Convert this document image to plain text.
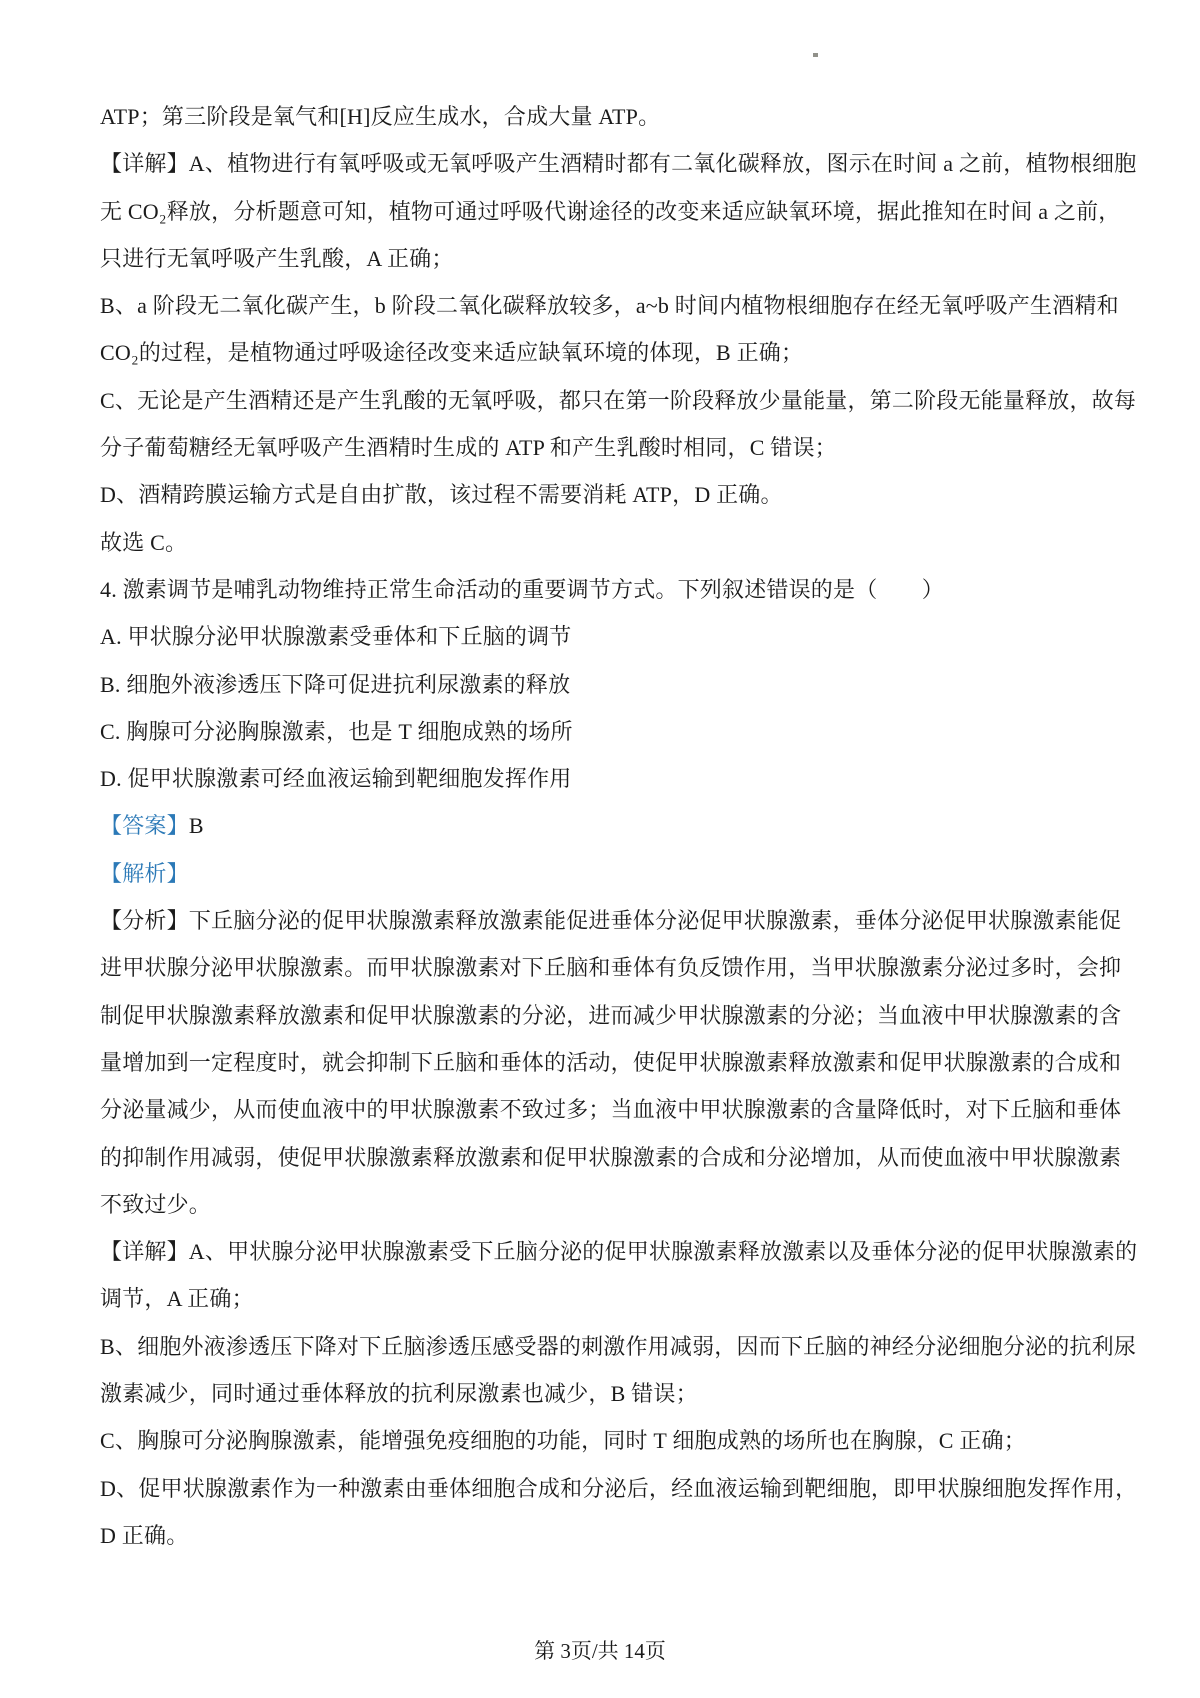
ATP；第三阶段是氧气和[H]反应生成水，合成大量 ATP。
【详解】A、植物进行有氧呼吸或无氧呼吸产生酒精时都有二氧化碳释放，图示在时间 a 之前，植物根细胞
无 CO₂释放，分析题意可知，植物可通过呼吸代谢途径的改变来适应缺氧环境，据此推知在时间 a 之前，
只进行无氧呼吸产生乳酸，A 正确；
B、a 阶段无二氧化碳产生，b 阶段二氧化碳释放较多，a~b 时间内植物根细胞存在经无氧呼吸产生酒精和
CO₂的过程，是植物通过呼吸途径改变来适应缺氧环境的体现，B 正确；
C、无论是产生酒精还是产生乳酸的无氧呼吸，都只在第一阶段释放少量能量，第二阶段无能量释放，故每
分子葡萄糖经无氧呼吸产生酒精时生成的 ATP 和产生乳酸时相同，C 错误；
D、酒精跨膜运输方式是自由扩散，该过程不需要消耗 ATP，D 正确。
故选 C。
4. 激素调节是哺乳动物维持正常生命活动的重要调节方式。下列叙述错误的是（　　）
A. 甲状腺分泌甲状腺激素受垂体和下丘脑的调节
B. 细胞外液渗透压下降可促进抗利尿激素的释放
C. 胸腺可分泌胸腺激素，也是 T 细胞成熟的场所
D. 促甲状腺激素可经血液运输到靶细胞发挥作用
【答案】B
【解析】
【分析】下丘脑分泌的促甲状腺激素释放激素能促进垂体分泌促甲状腺激素，垂体分泌促甲状腺激素能促
进甲状腺分泌甲状腺激素。而甲状腺激素对下丘脑和垂体有负反馈作用，当甲状腺激素分泌过多时，会抑
制促甲状腺激素释放激素和促甲状腺激素的分泌，进而减少甲状腺激素的分泌；当血液中甲状腺激素的含
量增加到一定程度时，就会抑制下丘脑和垂体的活动，使促甲状腺激素释放激素和促甲状腺激素的合成和
分泌量减少，从而使血液中的甲状腺激素不致过多；当血液中甲状腺激素的含量降低时，对下丘脑和垂体
的抑制作用减弱，使促甲状腺激素释放激素和促甲状腺激素的合成和分泌增加，从而使血液中甲状腺激素
不致过少。
【详解】A、甲状腺分泌甲状腺激素受下丘脑分泌的促甲状腺激素释放激素以及垂体分泌的促甲状腺激素的
调节，A 正确；
B、细胞外液渗透压下降对下丘脑渗透压感受器的刺激作用减弱，因而下丘脑的神经分泌细胞分泌的抗利尿
激素减少，同时通过垂体释放的抗利尿激素也减少，B 错误；
C、胸腺可分泌胸腺激素，能增强免疫细胞的功能，同时 T 细胞成熟的场所也在胸腺，C 正确；
D、促甲状腺激素作为一种激素由垂体细胞合成和分泌后，经血液运输到靶细胞，即甲状腺细胞发挥作用，
D 正确。
第 3页/共 14页
